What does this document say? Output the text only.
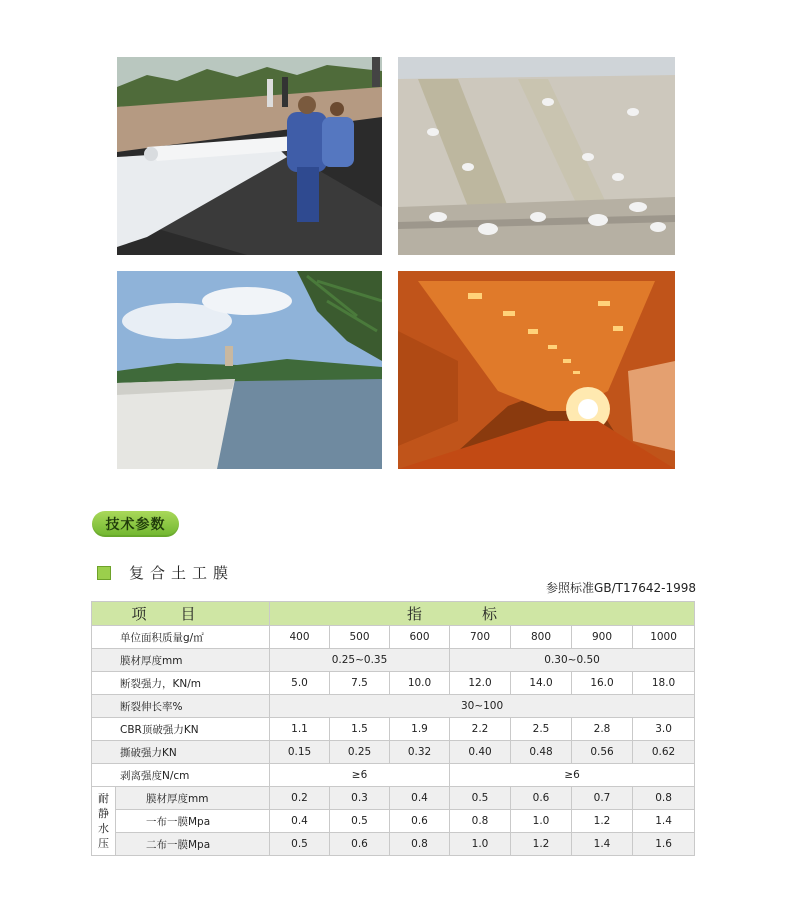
技术参数
复合土工膜
参照标准GB/T17642-1998
项目		指标						
单位面积质量g/㎡		400	500	600	700	800	900	1000
膜材厚度mm		0.25~0.35			0.30~0.50			
断裂强力，KN/m		5.0	7.5	10.0	12.0	14.0	16.0	18.0
断裂伸长率%		30~100						
CBR顶破强力KN		1.1	1.5	1.9	2.2	2.5	2.8	3.0
撕破强力KN		0.15	0.25	0.32	0.40	0.48	0.56	0.62
剥离强度N/cm		≥6			≥6			
耐静水压	膜材厚度mm	0.2	0.3	0.4	0.5	0.6	0.7	0.8
	一布一膜Mpa	0.4	0.5	0.6	0.8	1.0	1.2	1.4
	二布一膜Mpa	0.5	0.6	0.8	1.0	1.2	1.4	1.6
